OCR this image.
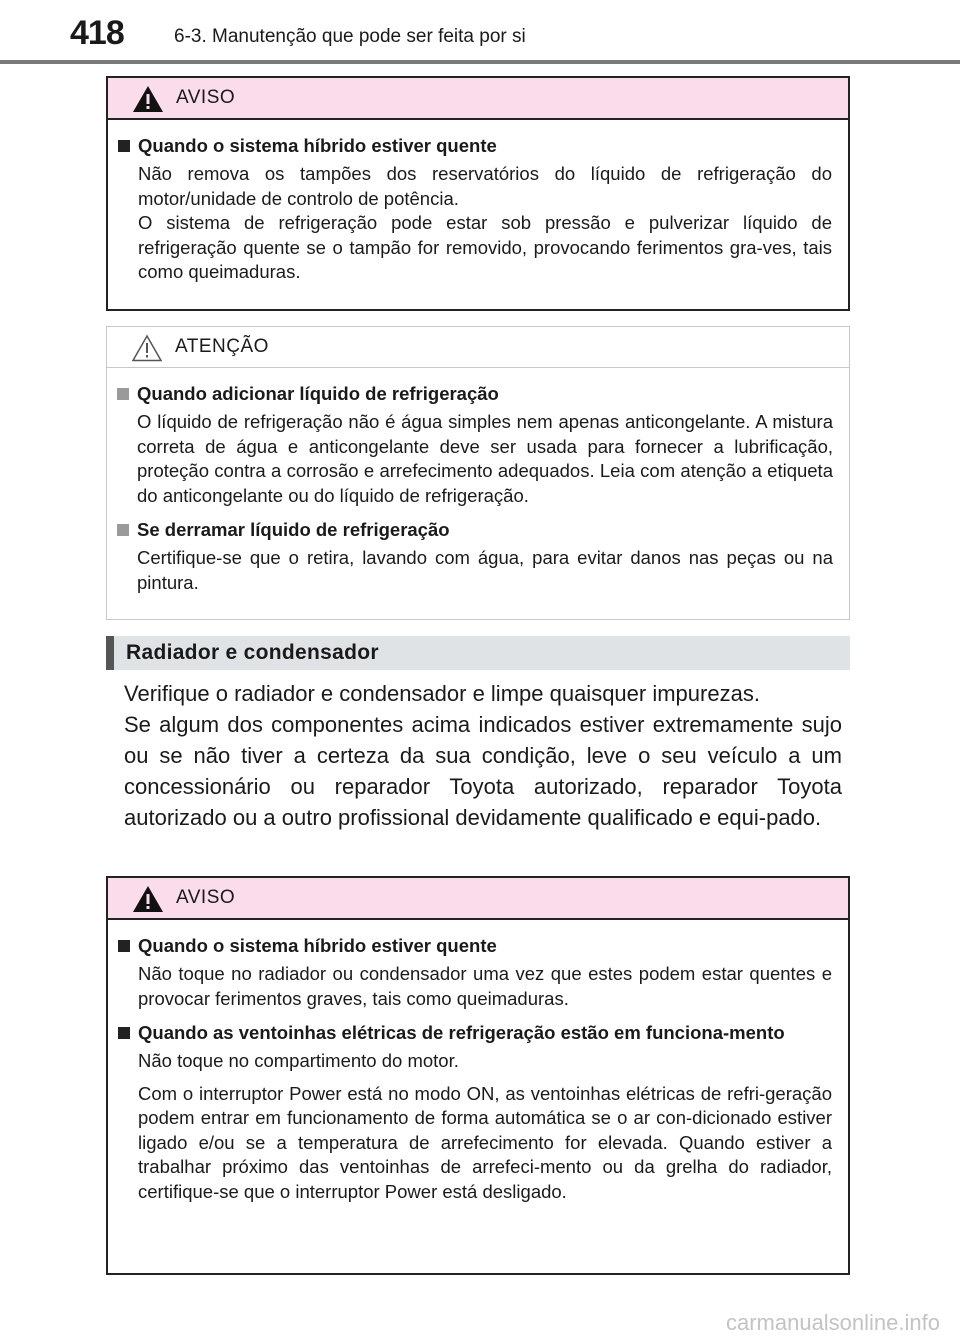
418	6-3. Manutenção que pode ser feita por si
AVISO
Quando o sistema híbrido estiver quente
Não remova os tampões dos reservatórios do líquido de refrigeração do motor/unidade de controlo de potência.
O sistema de refrigeração pode estar sob pressão e pulverizar líquido de refrigeração quente se o tampão for removido, provocando ferimentos gra-ves, tais como queimaduras.
ATENÇÃO
Quando adicionar líquido de refrigeração
O líquido de refrigeração não é água simples nem apenas anticongelante. A mistura correta de água e anticongelante deve ser usada para fornecer a lubrificação, proteção contra a corrosão e arrefecimento adequados. Leia com atenção a etiqueta do anticongelante ou do líquido de refrigeração.
Se derramar líquido de refrigeração
Certifique-se que o retira, lavando com água, para evitar danos nas peças ou na pintura.
Radiador e condensador

Verifique o radiador e condensador e limpe quaisquer impurezas.

Se algum dos componentes acima indicados estiver extremamente sujo ou se não tiver a certeza da sua condição, leve o seu veículo a um concessionário ou reparador Toyota autorizado, reparador Toyota autorizado ou a outro profissional devidamente qualificado e equi-pado.

AVISO
Quando o sistema híbrido estiver quente
Não toque no radiador ou condensador uma vez que estes podem estar quentes e provocar ferimentos graves, tais como queimaduras.
Quando as ventoinhas elétricas de refrigeração estão em funciona-mento
Não toque no compartimento do motor.
Com o interruptor Power está no modo ON, as ventoinhas elétricas de refri-geração podem entrar em funcionamento de forma automática se o ar con-dicionado estiver ligado e/ou se a temperatura de arrefecimento for elevada. Quando estiver a trabalhar próximo das ventoinhas de arrefeci-mento ou da grelha do radiador, certifique-se que o interruptor Power está desligado.
carmanualsonline.info
